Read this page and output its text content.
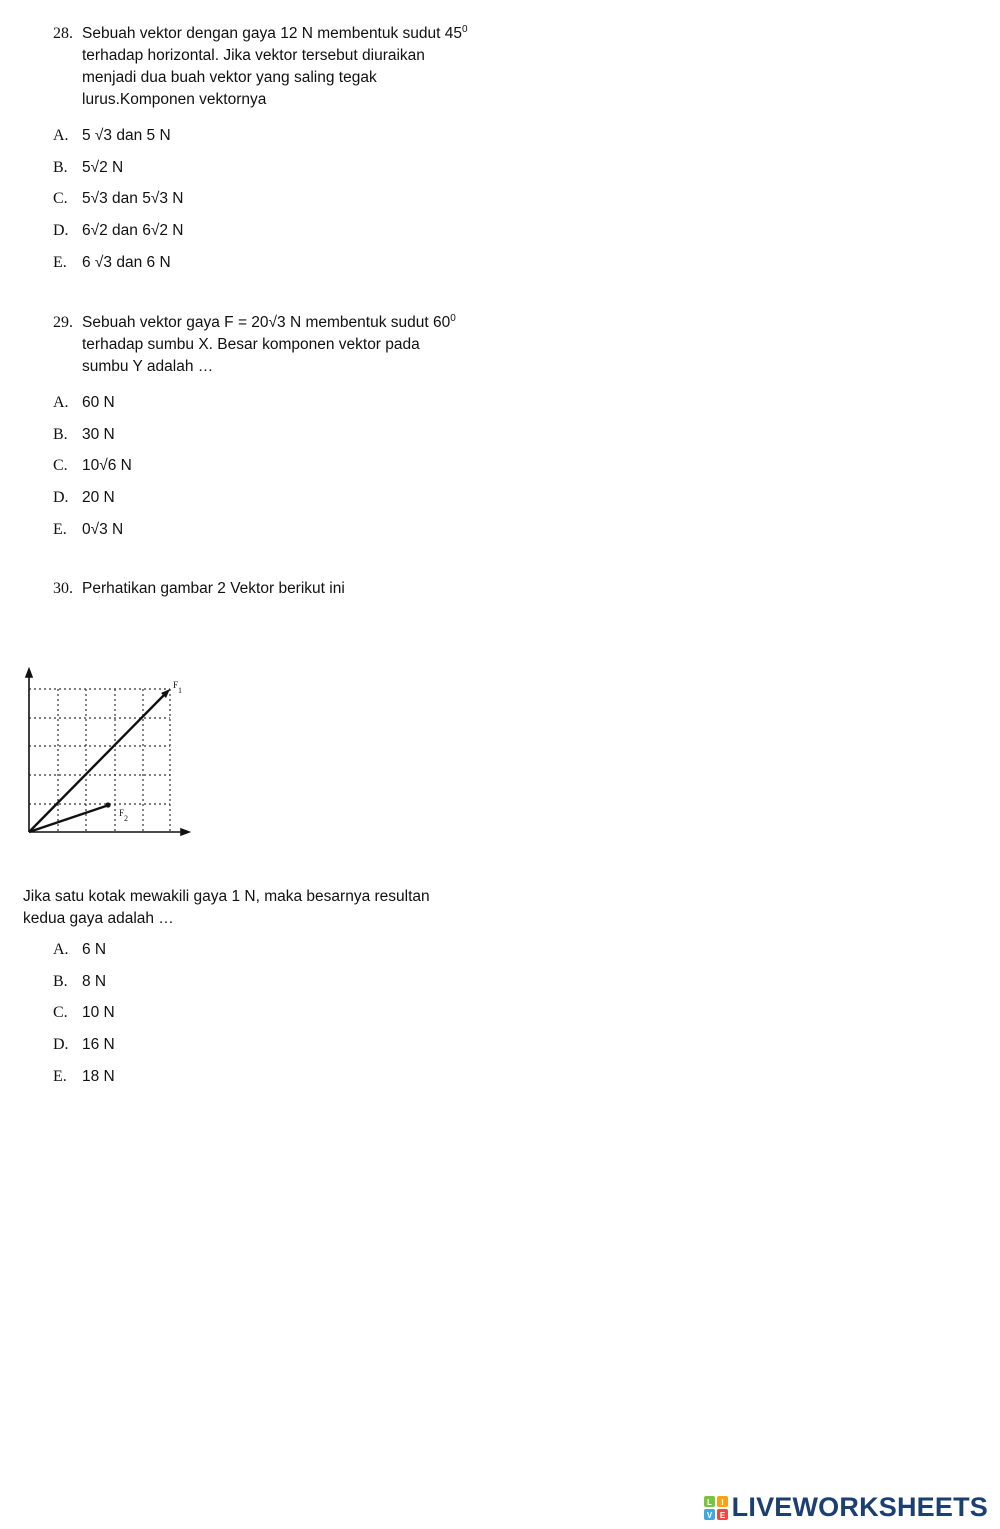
28. Sebuah vektor dengan gaya 12 N membentuk sudut $45^0$
terhadap horizontal. Jika vektor tersebut diuraikan
menjadi dua buah vektor yang saling tegak
lurus.Komponen vektornya
A. 5 √3 dan 5 N
B. 5√2 N
C. 5√3 dan 5√3 N
D. 6√2 dan 6√2 N
E. 6 √3 dan 6 N
29. Sebuah vektor gaya F = 20√3 N membentuk sudut $60^0$
terhadap sumbu X. Besar komponen vektor pada
sumbu Y adalah …
A. 60 N
B. 30 N
C. 10√6 N
D. 20 N
E. 0√3 N
30. Perhatikan gambar 2 Vektor berikut ini
F1
F2
Jika satu kotak mewakili gaya 1 N, maka besarnya resultan
kedua gaya adalah …
A. 6 N
B. 8 N
C. 10 N
D. 16 N
E. 18 N
L I
V E LIVEWORKSHEETS
